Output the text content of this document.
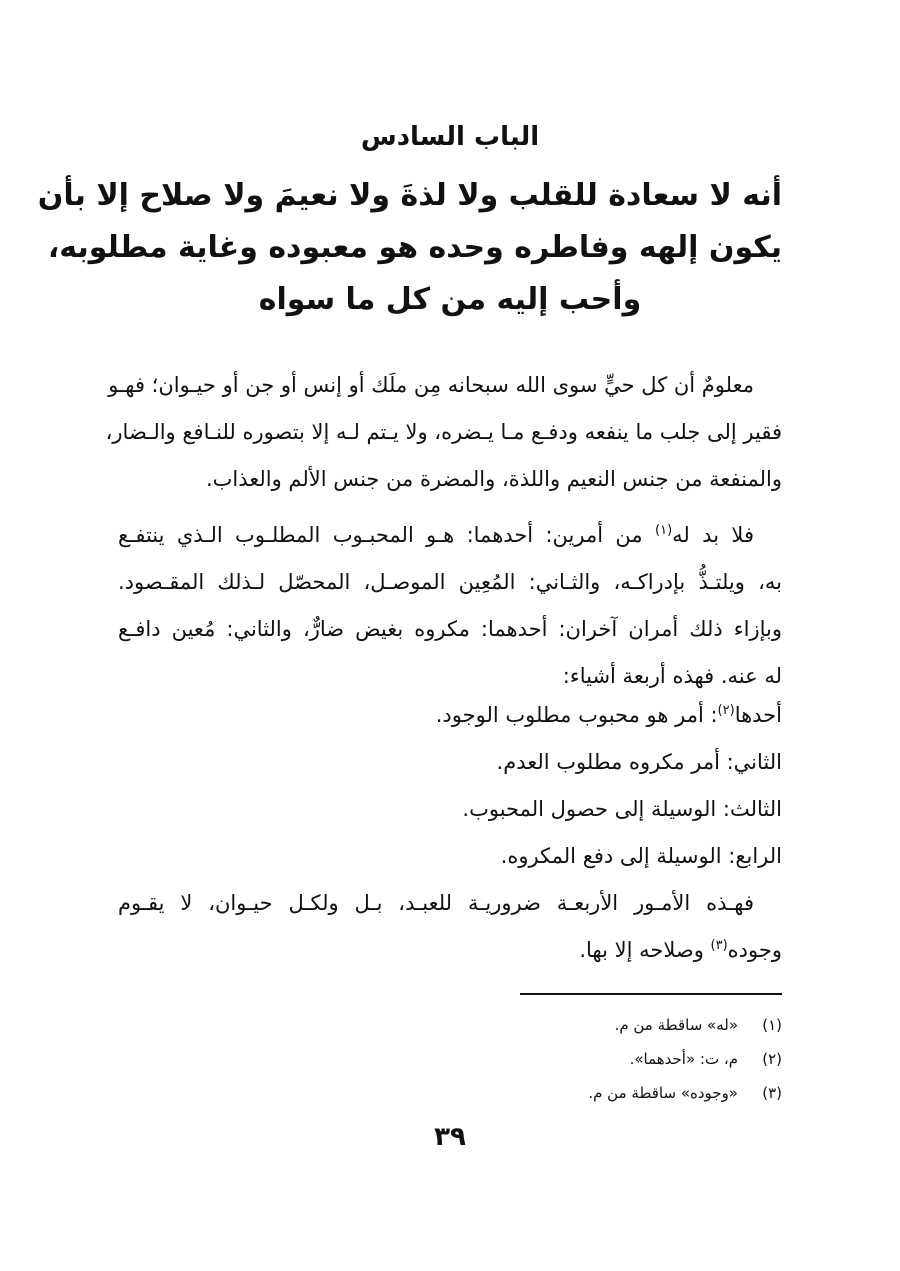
الباب السادس
أنه لا سعادة للقلب ولا لذةَ ولا نعيمَ ولا صلاح إلا بأن
يكون إلهه وفاطره وحده هو معبوده وغاية مطلوبه،
وأحب إليه من كل ما سواه
معلومٌ أن كل حيٍّ سوى الله سبحانه مِن ملَك أو إنس أو جن أو حيـوان؛ فهـو
فقير إلى جلب ما ينفعه ودفـع مـا يـضره، ولا يـتم لـه إلا بتصوره للنـافع والـضار،
والمنفعة من جنس النعيم واللذة، والمضرة من جنس الألم والعذاب.
فلا بد له$^{(١)}$ من أمرين: أحدهما: هـو المحبـوب المطلـوب الـذي ينتفـع
به، ويلتـذُّ بإدراكـه، والثـاني: المُعِين الموصـل، المحصّل لـذلك المقـصود.
وبإزاء ذلك أمران آخران: أحدهما: مكروه بغيض ضارٌّ، والثاني: مُعين دافـع
له عنه. فهذه أربعة أشياء:
أحدها$^{(٢)}$: أمر هو محبوب مطلوب الوجود.
الثاني: أمر مكروه مطلوب العدم.
الثالث: الوسيلة إلى حصول المحبوب.
الرابع: الوسيلة إلى دفع المكروه.
فهـذه الأمـور الأربعـة ضروريـة للعبـد، بـل ولكـل حيـوان، لا يقـوم
وجوده$^{(٣)}$ وصلاحه إلا بها.
(١)«له» ساقطة من م.
(٢)م، ت: «أحدهما».
(٣)«وجوده» ساقطة من م.
٣٩
